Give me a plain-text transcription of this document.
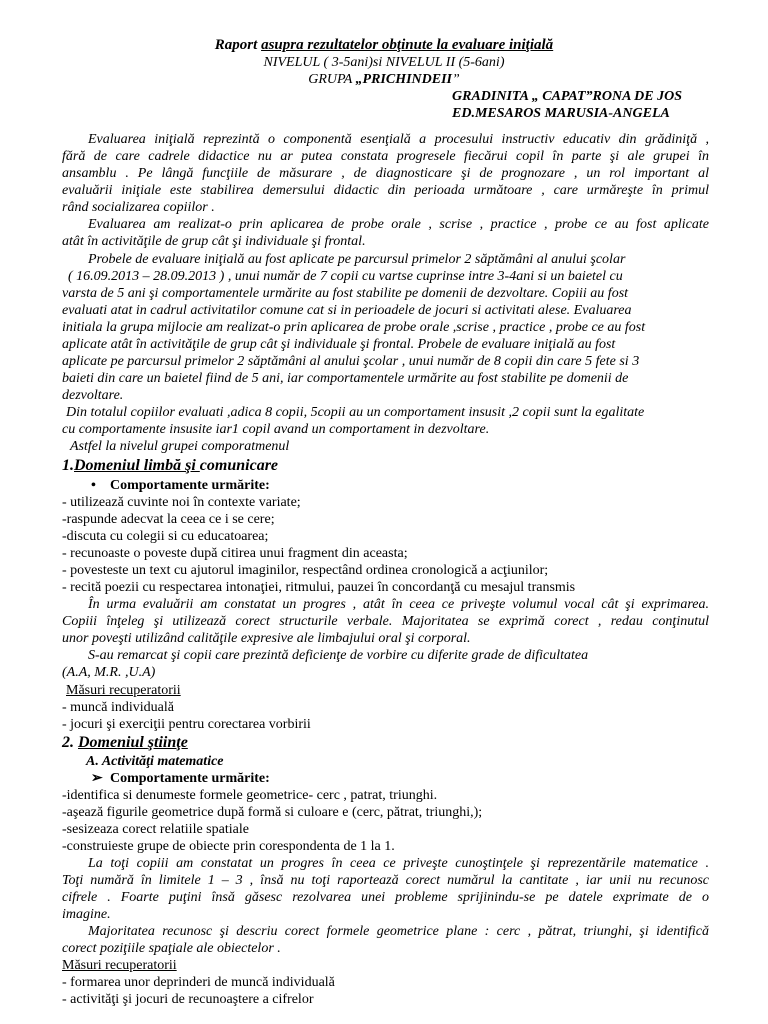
Raport asupra rezultatelor obţinute la evaluare iniţială
NIVELUL ( 3-5ani)si NIVELUL II (5-6ani)
GRUPA „PRICHINDEII”
GRADINITA „ CAPAT”RONA DE JOS
ED.MESAROS MARUSIA-ANGELA
Evaluarea iniţială reprezintă o componentă esenţială a procesului instructiv educativ din grădiniţă ,
fără de care cadrele didactice nu ar putea constata progresele fiecărui copil în parte şi ale grupei în
ansamblu . Pe lângă funcţiile de măsurare , de diagnosticare şi de prognozare , un rol important al
evaluării iniţiale este stabilirea demersului didactic din perioada următoare , care urmăreşte în primul
rând socializarea copiilor .
Evaluarea am realizat-o prin aplicarea de probe orale , scrise , practice , probe ce au fost aplicate
atât în activităţile de grup cât şi individuale şi frontal.
Probele de evaluare iniţială au fost aplicate pe parcursul primelor 2 săptămâni al anului şcolar
( 16.09.2013 – 28.09.2013 ) , unui număr de 7 copii cu vartse cuprinse intre 3-4ani si un baietel cu
varsta de 5 ani şi comportamentele urmărite au fost stabilite pe domenii de dezvoltare. Copiii au fost
evaluati atat in cadrul activitatilor comune cat si in perioadele de jocuri si activitati alese. Evaluarea
initiala la grupa mijlocie am realizat-o prin aplicarea de probe orale ,scrise , practice , probe ce au fost
aplicate atât în activităţile de grup cât şi individuale şi frontal. Probele de evaluare iniţială au fost
aplicate pe parcursul primelor 2 săptămâni al anului şcolar , unui număr de 8 copii din care 5 fete si 3
baieti din care un baietel fiind de 5 ani, iar comportamentele urmărite au fost stabilite pe domenii de
dezvoltare.
Din totalul copiilor evaluati ,adica 8 copii, 5copii au un comportament insusit ,2 copii sunt la egalitate
cu comportamente insusite iar1 copil avand un comportament in dezvoltare.
Astfel la nivelul grupei comporatmenul
1.Domeniul limbă şi comunicare
• Comportamente urmărite:
- utilizează cuvinte noi în contexte variate;
-raspunde adecvat la ceea ce i se cere;
-discuta cu colegii si cu educatoarea;
- recunoaste o poveste după citirea unui fragment din aceasta;
- povesteste un text cu ajutorul imaginilor, respectând ordinea cronologică a acţiunilor;
- recită poezii cu respectarea intonaţiei, ritmului, pauzei în concordanţă cu mesajul transmis
În urma evaluării am constatat un progres , atât în ceea ce priveşte volumul vocal cât şi exprimarea.
Copiii înţeleg şi utilizează corect structurile verbale. Majoritatea se exprimă corect , redau conţinutul
unor poveşti utilizând calităţile expresive ale limbajului oral şi corporal.
S-au remarcat şi copii care prezintă deficienţe de vorbire cu diferite grade de dificultatea
(A.A, M.R. ,U.A)
Măsuri recuperatorii
- muncă individuală
- jocuri şi exerciţii pentru corectarea vorbirii
2. Domeniul ştiinţe
A. Activităţi matematice
➢ Comportamente urmărite:
-identifica si denumeste formele geometrice- cerc , patrat, triunghi.
-aşează figurile geometrice după formă si culoare e (cerc, pătrat, triunghi,);
-sesizeaza corect relatiile spatiale
-construieste grupe de obiecte prin corespondenta de 1 la 1.
La toţi copiii am constatat un progres în ceea ce priveşte cunoştinţele şi reprezentările matematice .
Toţi numără în limitele 1 – 3 , însă nu toţi raportează corect numărul la cantitate , iar unii nu recunosc
cifrele . Foarte puţini însă găsesc rezolvarea unei probleme sprijinindu-se pe datele exprimate de o
imagine.
Majoritatea recunosc şi descriu corect formele geometrice plane : cerc , pătrat, triunghi, şi identifică
corect poziţiile spaţiale ale obiectelor .
Măsuri recuperatorii
- formarea unor deprinderi de muncă individuală
- activităţi şi jocuri de recunoaştere a cifrelor
